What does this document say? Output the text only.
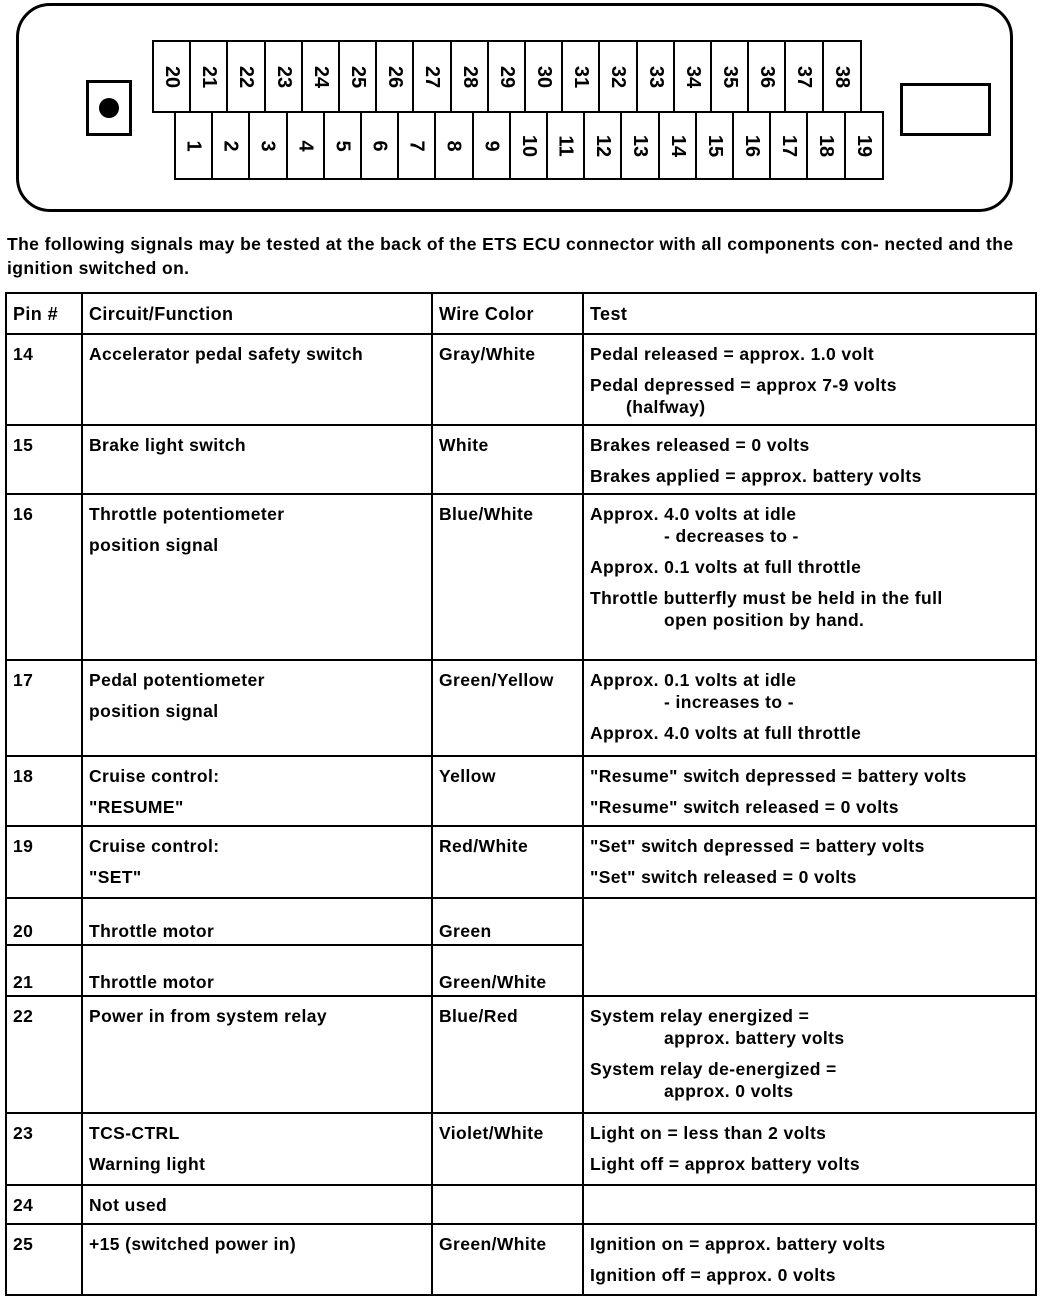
20 21 22 23 24 25 26 27 28 29 30 31 32 33 34 35 36 37 38
1 2 3 4 5 6 7 8 9 10 11 12 13 14 15 16 17 18 19

The following signals may be tested at the back of the ETS ECU connector with all components con- nected and the ignition switched on.

Pin #	Circuit/Function	Wire Color	Test
14	Accelerator pedal safety switch	Gray/White	Pedal released = approx. 1.0 volt
Pedal depressed = approx 7-9 volts
(halfway)

15	Brake light switch	White	Brakes released = 0 volts
Brakes applied = approx. battery volts

16	Throttle potentiometer
position signal	Blue/White	Approx. 4.0 volts at idle
- decreases to -
Approx. 0.1 volts at full throttle
Throttle butterfly must be held in the full
open position by hand.

17	Pedal potentiometer
position signal	Green/Yellow	Approx. 0.1 volts at idle
- increases to -
Approx. 4.0 volts at full throttle

18	Cruise control:
"RESUME"	Yellow	"Resume" switch depressed = battery volts
"Resume" switch released = 0 volts

19	Cruise control:
"SET"	Red/White	"Set" switch depressed = battery volts
"Set" switch released = 0 volts

20	Throttle motor	Green	
21	Throttle motor	Green/White	
22	Power in from system relay	Blue/Red	System relay energized =
approx. battery volts
System relay de-energized =
approx. 0 volts

23	TCS-CTRL
Warning light	Violet/White	Light on = less than 2 volts
Light off = approx battery volts

24	Not used		

25	+15 (switched power in)	Green/White	Ignition on = approx. battery volts
Ignition off = approx. 0 volts
